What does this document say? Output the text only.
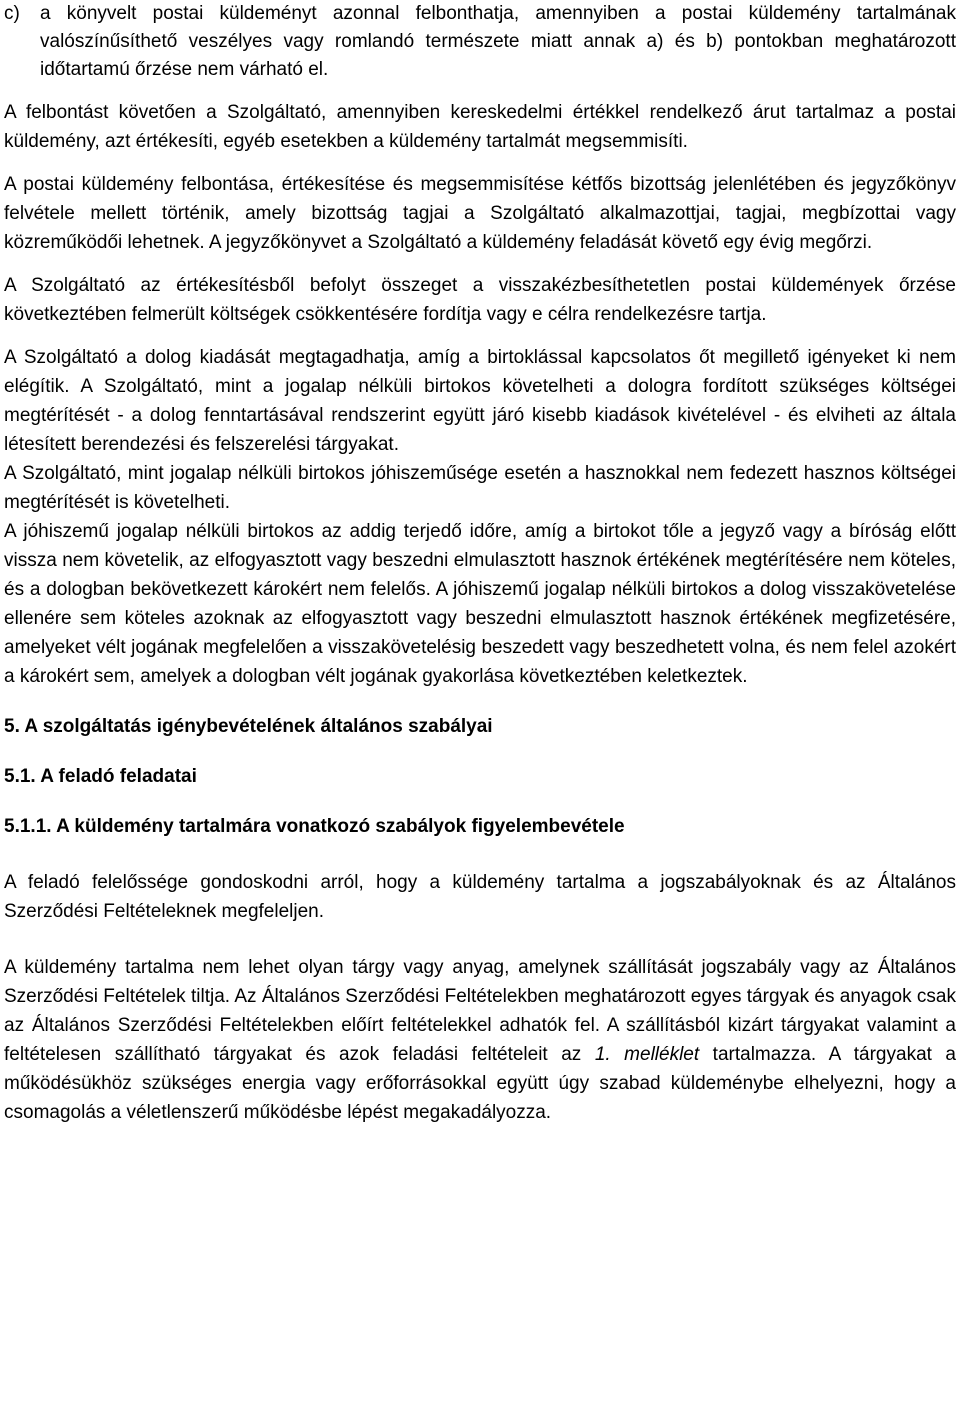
c)	a könyvelt postai küldeményt azonnal felbonthatja, amennyiben a postai küldemény tartalmának valószínűsíthető veszélyes vagy romlandó természete miatt annak a) és b) pontokban meghatározott időtartamú őrzése nem várható el.

A felbontást követően a Szolgáltató, amennyiben kereskedelmi értékkel rendelkező árut tartalmaz a postai küldemény, azt értékesíti, egyéb esetekben a küldemény tartalmát megsemmisíti.

A postai küldemény felbontása, értékesítése és megsemmisítése kétfős bizottság jelenlétében és jegyzőkönyv felvétele mellett történik, amely bizottság tagjai a Szolgáltató alkalmazottjai, tagjai, megbízottai vagy közreműködői lehetnek. A jegyzőkönyvet a Szolgáltató a küldemény feladását követő egy évig megőrzi.

A Szolgáltató az értékesítésből befolyt összeget a visszakézbesíthetetlen postai küldemények őrzése következtében felmerült költségek csökkentésére fordítja vagy e célra rendelkezésre tartja.

A Szolgáltató a dolog kiadását megtagadhatja, amíg a birtoklással kapcsolatos őt megillető igényeket ki nem elégítik. A Szolgáltató, mint a jogalap nélküli birtokos követelheti a dologra fordított szükséges költségei megtérítését - a dolog fenntartásával rendszerint együtt járó kisebb kiadások kivételével - és elviheti az általa létesített berendezési és felszerelési tárgyakat.

A Szolgáltató, mint jogalap nélküli birtokos jóhiszeműsége esetén a hasznokkal nem fedezett hasznos költségei megtérítését is követelheti.

A jóhiszemű jogalap nélküli birtokos az addig terjedő időre, amíg a birtokot tőle a jegyző vagy a bíróság előtt vissza nem követelik, az elfogyasztott vagy beszedni elmulasztott hasznok értékének megtérítésére nem köteles, és a dologban bekövetkezett károkért nem felelős. A jóhiszemű jogalap nélküli birtokos a dolog visszakövetelése ellenére sem köteles azoknak az elfogyasztott vagy beszedni elmulasztott hasznok értékének megfizetésére, amelyeket vélt jogának megfelelően a visszakövetelésig beszedett vagy beszedhetett volna, és nem felel azokért a károkért sem, amelyek a dologban vélt jogának gyakorlása következtében keletkeztek.

5. A szolgáltatás igénybevételének általános szabályai
5.1. A feladó feladatai
5.1.1. A küldemény tartalmára vonatkozó szabályok figyelembevétele

A feladó felelőssége gondoskodni arról, hogy a küldemény tartalma a jogszabályoknak és az Általános Szerződési Feltételeknek megfeleljen.

A küldemény tartalma nem lehet olyan tárgy vagy anyag, amelynek szállítását jogszabály vagy az Általános Szerződési Feltételek tiltja. Az Általános Szerződési Feltételekben meghatározott egyes tárgyak és anyagok csak az Általános Szerződési Feltételekben előírt feltételekkel adhatók fel. A szállításból kizárt tárgyakat valamint a feltételesen szállítható tárgyakat és azok feladási feltételeit az 1. melléklet tartalmazza. A tárgyakat a működésükhöz szükséges energia vagy erőforrásokkal együtt úgy szabad küldeménybe elhelyezni, hogy a csomagolás a véletlenszerű működésbe lépést megakadályozza.
